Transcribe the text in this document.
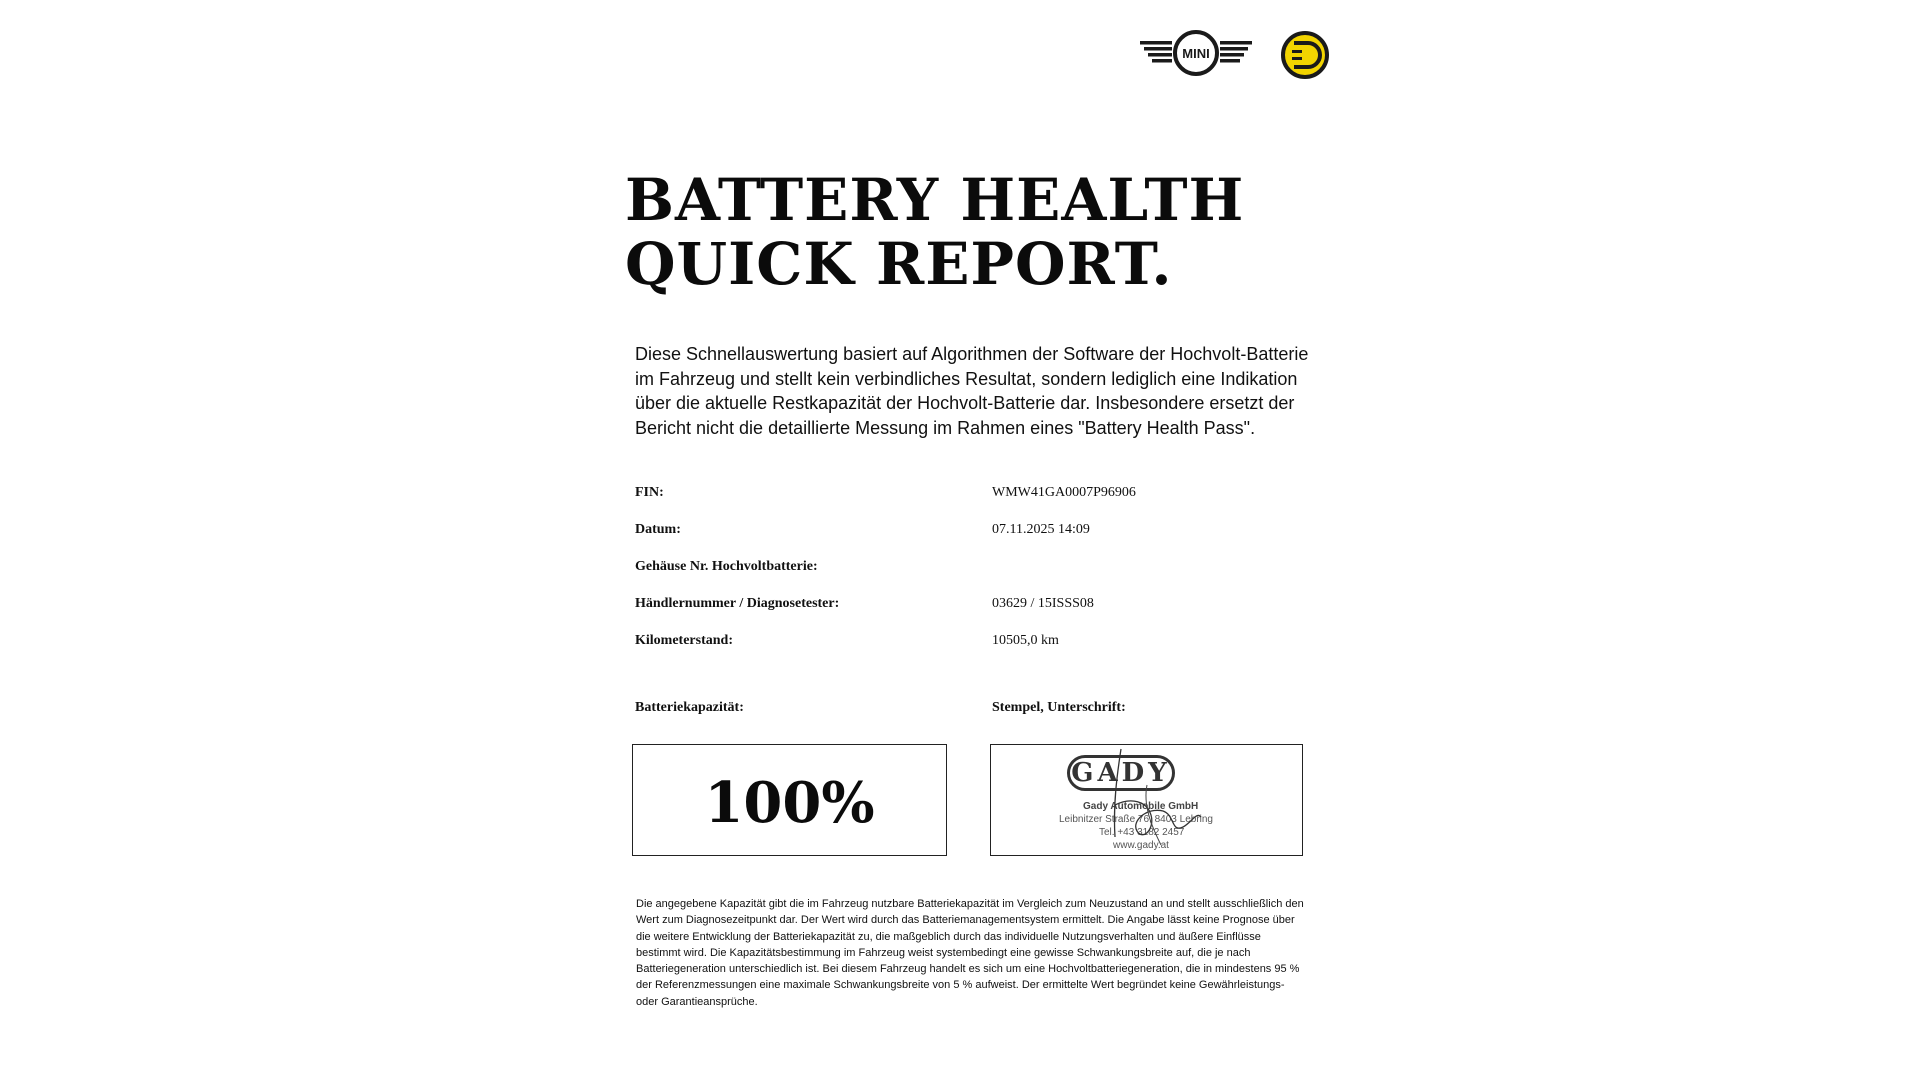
MINI
BATTERY HEALTH
QUICK REPORT.

Diese Schnellauswertung basiert auf Algorithmen der Software der Hochvolt-Batterie im Fahrzeug und stellt kein verbindliches Resultat, sondern lediglich eine Indikation über die aktuelle Restkapazität der Hochvolt-Batterie dar. Insbesondere ersetzt der Bericht nicht die detaillierte Messung im Rahmen eines "Battery Health Pass".

FIN:	WMW41GA0007P96906
Datum:	07.11.2025 14:09
Gehäuse Nr. Hochvoltbatterie:
Händlernummer / Diagnosetester:	03629 / 15ISSS08
Kilometerstand:	10505,0 km
Batteriekapazität:	Stempel, Unterschrift:
100%	GADY
Gady Automobile GmbH
Leibnitzer Straße 76, 8403 Lebring
Tel. +43 3182 2457
www.gady.at

Die angegebene Kapazität gibt die im Fahrzeug nutzbare Batteriekapazität im Vergleich zum Neuzustand an und stellt ausschließlich den Wert zum Diagnosezeitpunkt dar. Der Wert wird durch das Batteriemanagementsystem ermittelt. Die Angabe lässt keine Prognose über die weitere Entwicklung der Batteriekapazität zu, die maßgeblich durch das individuelle Nutzungsverhalten und äußere Einflüsse bestimmt wird. Die Kapazitätsbestimmung im Fahrzeug weist systembedingt eine gewisse Schwankungsbreite auf, die je nach Batteriegeneration unterschiedlich ist. Bei diesem Fahrzeug handelt es sich um eine Hochvoltbatteriegeneration, die in mindestens 95 % der Referenzmessungen eine maximale Schwankungsbreite von 5 % aufweist. Der ermittelte Wert begründet keine Gewährleistungs- oder Garantieansprüche.
